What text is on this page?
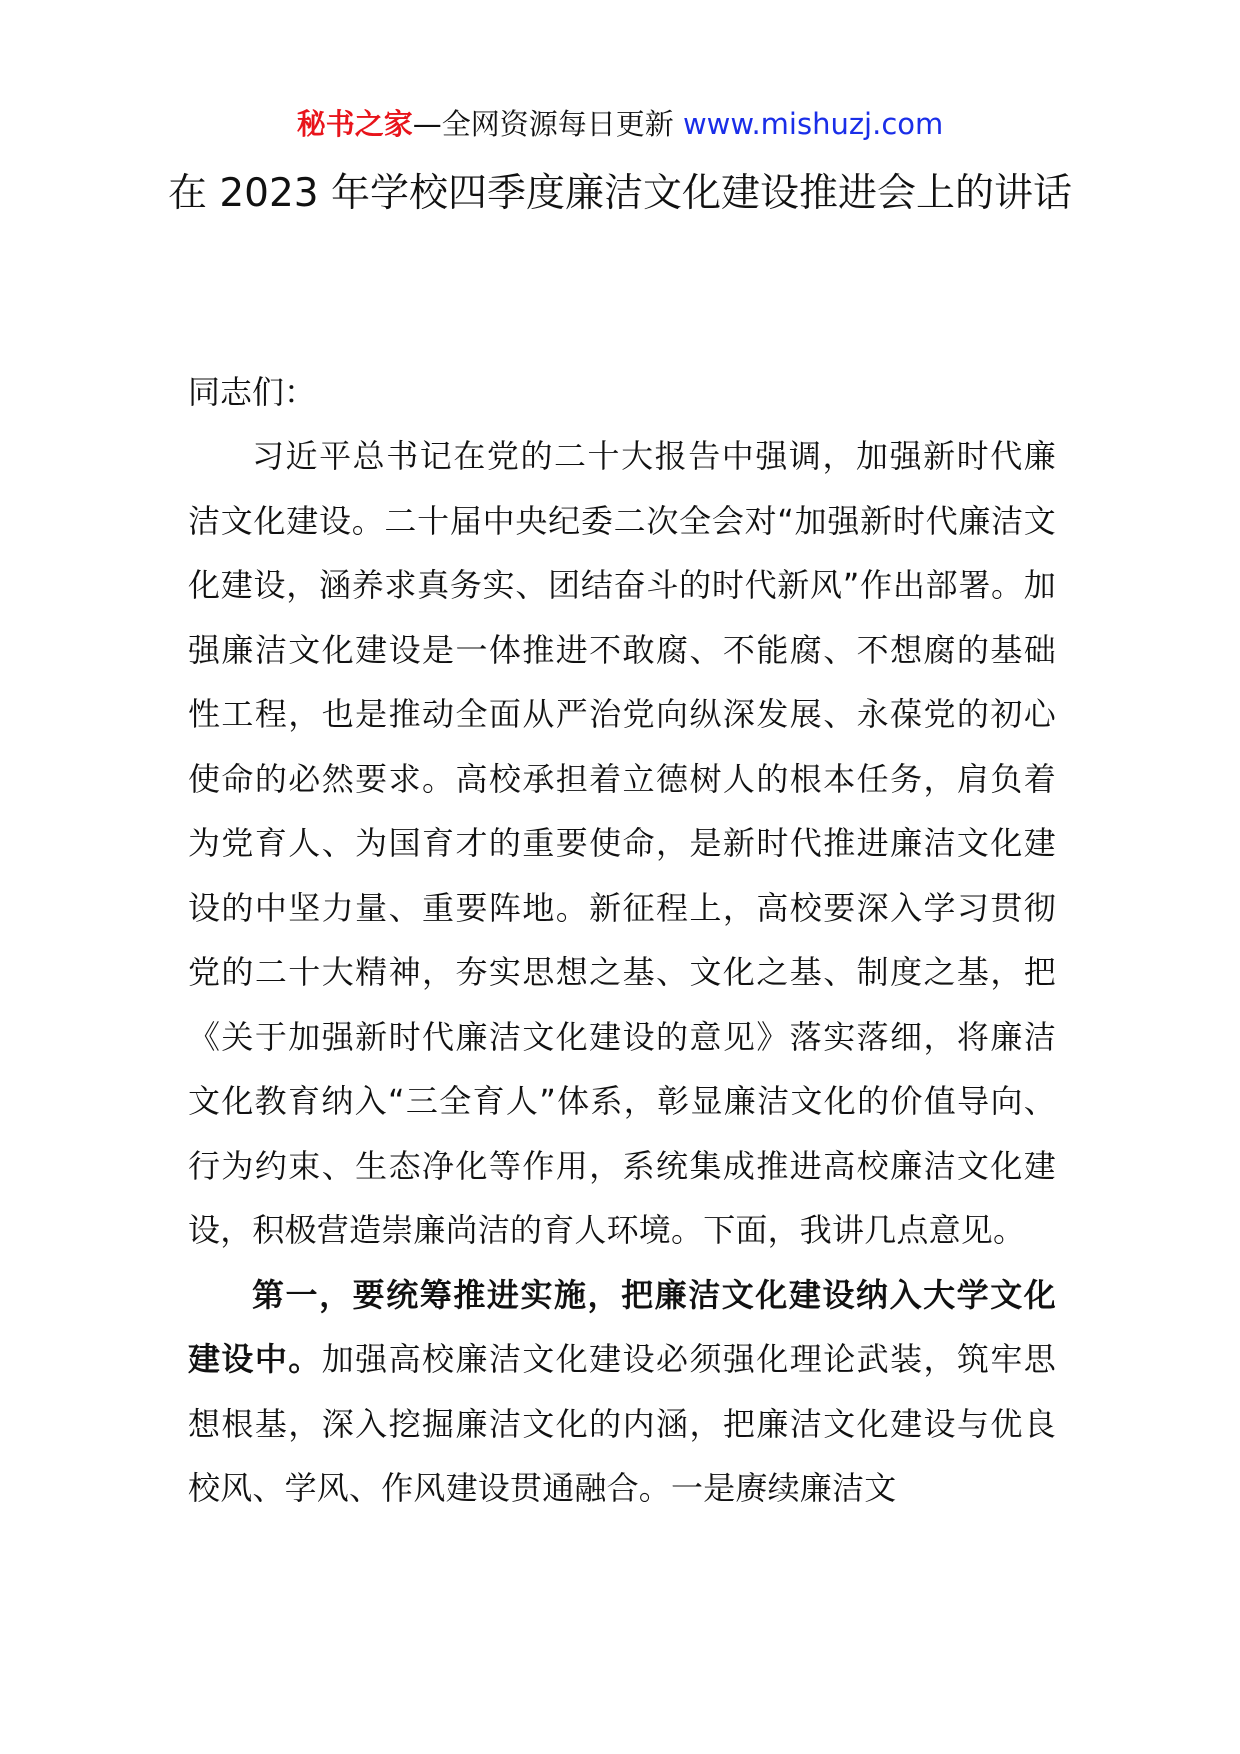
秘书之家—全网资源每日更新 www.mishuzj.com
在 2023 年学校四季度廉洁文化建设推进会上的讲话

同志们：

习近平总书记在党的二十大报告中强调，加强新时代廉洁文化建设。二十届中央纪委二次全会对“加强新时代廉洁文化建设，涵养求真务实、团结奋斗的时代新风”作出部署。加强廉洁文化建设是一体推进不敢腐、不能腐、不想腐的基础性工程，也是推动全面从严治党向纵深发展、永葆党的初心使命的必然要求。高校承担着立德树人的根本任务，肩负着为党育人、为国育才的重要使命，是新时代推进廉洁文化建设的中坚力量、重要阵地。新征程上，高校要深入学习贯彻党的二十大精神，夯实思想之基、文化之基、制度之基，把《关于加强新时代廉洁文化建设的意见》落实落细，将廉洁文化教育纳入“三全育人”体系，彰显廉洁文化的价值导向、行为约束、生态净化等作用，系统集成推进高校廉洁文化建设，积极营造崇廉尚洁的育人环境。下面，我讲几点意见。

第一，要统筹推进实施，把廉洁文化建设纳入大学文化建设中。加强高校廉洁文化建设必须强化理论武装，筑牢思想根基，深入挖掘廉洁文化的内涵，把廉洁文化建设与优良校风、学风、作风建设贯通融合。一是赓续廉洁文
